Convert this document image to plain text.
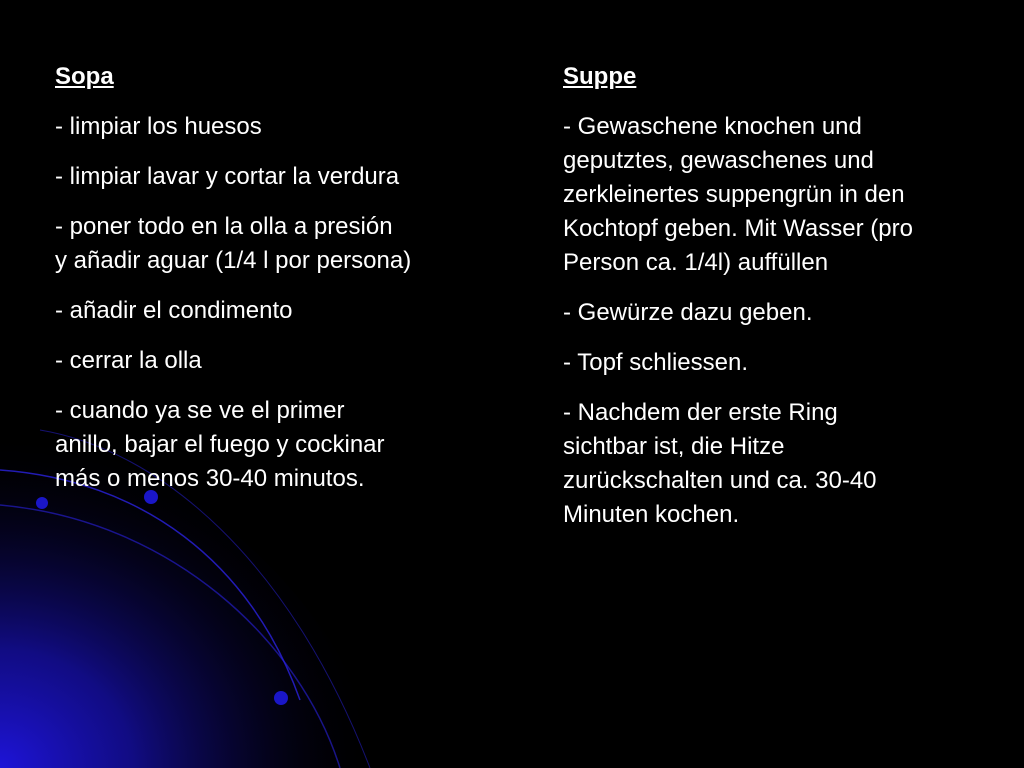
Sopa
- limpiar los huesos
- limpiar lavar y cortar la verdura
- poner todo en la olla a presión
y añadir aguar (1/4 l por persona)
- añadir el condimento
- cerrar la olla
- cuando ya se ve el primer
anillo, bajar el fuego y cockinar
más o menos 30-40 minutos.
Suppe
- Gewaschene knochen und
geputztes, gewaschenes und
zerkleinertes suppengrün in den
Kochtopf geben. Mit Wasser (pro
Person ca. 1/4l) auffüllen
- Gewürze dazu geben.
- Topf schliessen.
- Nachdem der erste Ring
sichtbar ist, die Hitze
zurückschalten und ca. 30-40
Minuten kochen.
